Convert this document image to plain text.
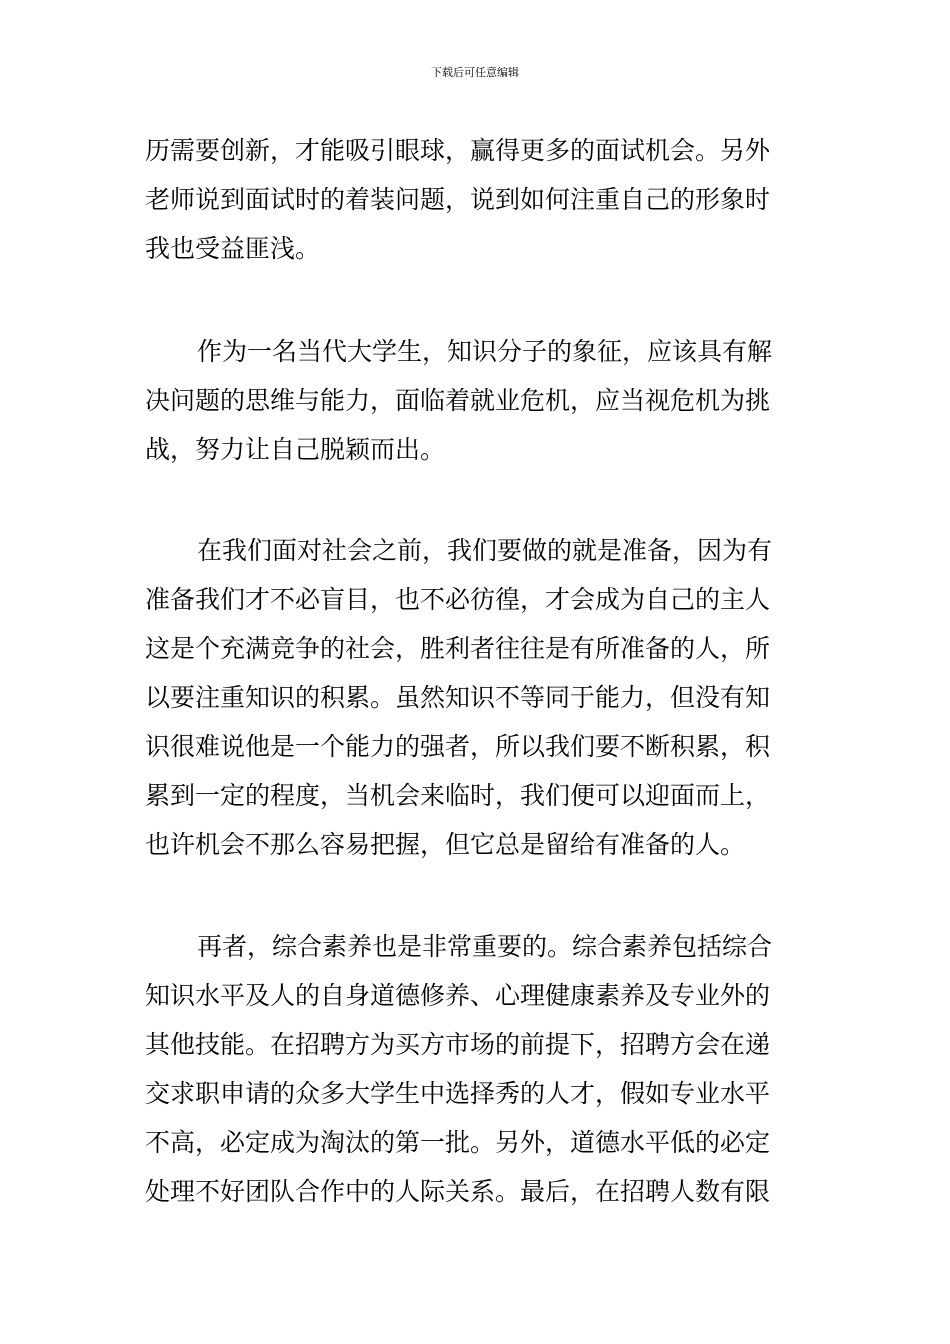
下载后可任意编辑
历需要创新，才能吸引眼球，赢得更多的面试机会。另外
老师说到面试时的着装问题，说到如何注重自己的形象时
我也受益匪浅。
作为一名当代大学生，知识分子的象征，应该具有解
决问题的思维与能力，面临着就业危机，应当视危机为挑
战，努力让自己脱颖而出。
在我们面对社会之前，我们要做的就是准备，因为有
准备我们才不必盲目，也不必彷徨，才会成为自己的主人
这是个充满竞争的社会，胜利者往往是有所准备的人，所
以要注重知识的积累。虽然知识不等同于能力，但没有知
识很难说他是一个能力的强者，所以我们要不断积累，积
累到一定的程度，当机会来临时，我们便可以迎面而上，
也许机会不那么容易把握，但它总是留给有准备的人。
再者，综合素养也是非常重要的。综合素养包括综合
知识水平及人的自身道德修养、心理健康素养及专业外的
其他技能。在招聘方为买方市场的前提下，招聘方会在递
交求职申请的众多大学生中选择秀的人才，假如专业水平
不高，必定成为淘汰的第一批。另外，道德水平低的必定
处理不好团队合作中的人际关系。最后，在招聘人数有限
